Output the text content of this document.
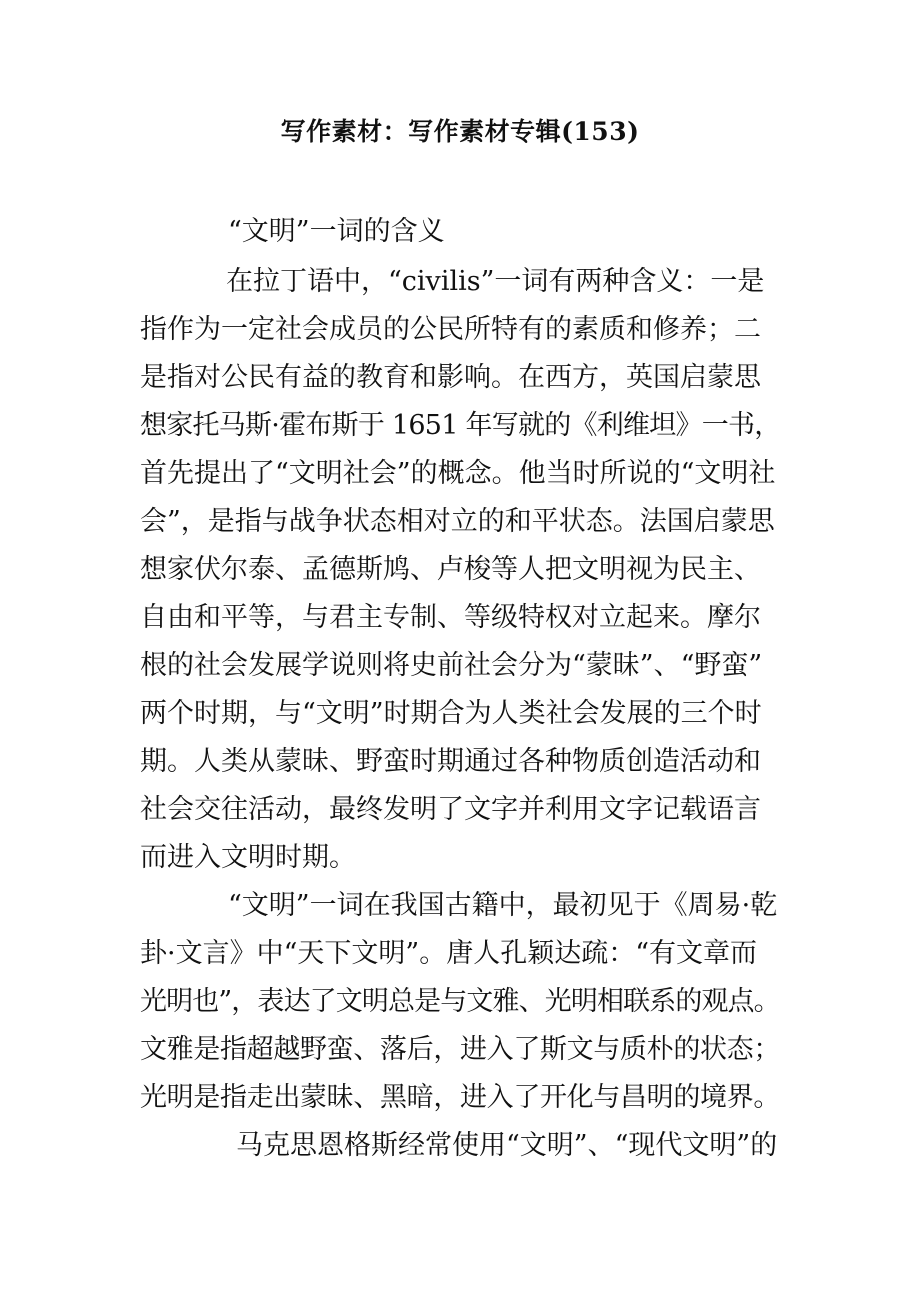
写作素材：写作素材专辑(153)
“文明”一词的含义
在拉丁语中，“civilis”一词有两种含义：一是
指作为一定社会成员的公民所特有的素质和修养；二
是指对公民有益的教育和影响。在西方，英国启蒙思
想家托马斯·霍布斯于 1651 年写就的《利维坦》一书，
首先提出了“文明社会”的概念。他当时所说的“文明社
会”，是指与战争状态相对立的和平状态。法国启蒙思
想家伏尔泰、孟德斯鸠、卢梭等人把文明视为民主、
自由和平等，与君主专制、等级特权对立起来。摩尔
根的社会发展学说则将史前社会分为“蒙昧”、“野蛮”
两个时期，与“文明”时期合为人类社会发展的三个时
期。人类从蒙昧、野蛮时期通过各种物质创造活动和
社会交往活动，最终发明了文字并利用文字记载语言
而进入文明时期。
“文明”一词在我国古籍中，最初见于《周易·乾
卦·文言》中“天下文明”。唐人孔颖达疏：“有文章而
光明也”，表达了文明总是与文雅、光明相联系的观点。
文雅是指超越野蛮、落后，进入了斯文与质朴的状态；
光明是指走出蒙昧、黑暗，进入了开化与昌明的境界。
马克思恩格斯经常使用“文明”、“现代文明”的
